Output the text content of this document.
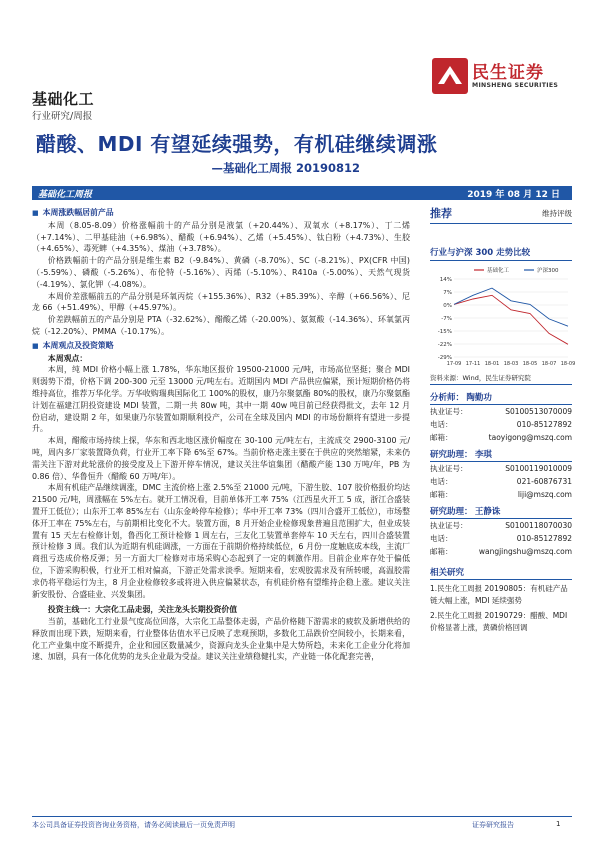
民生证券
MINSHENG SECURITIES
基础化工
行业研究/周报
醋酸、MDI 有望延续强势，有机硅继续调涨
—基础化工周报 20190812
基础化工周报	2019 年 08 月 12 日
■ 本周涨跌幅居前产品
本周（8.05-8.09）价格涨幅前十的产品分别是液氯（+20.44%）、双氧水（+8.17%）、丁二烯（+7.14%）、二甲基硅油（+6.98%）、醋酸（+6.94%）、乙烯（+5.45%）、钛白粉（+4.73%）、生胶（+4.65%）、毒死蜱（+4.35%）、煤油（+3.78%）。
价格跌幅前十的产品分别是维生素 B2（-9.84%）、黄磷（-8.70%）、SC（-8.21%）、PX(CFR 中国)（-5.59%）、磷酸（-5.26%）、布伦特（-5.16%）、丙烯（-5.10%）、R410a（-5.00%）、天然气现货（-4.19%）、氯化钾（-4.08%）。
本周价差涨幅前五的产品分别是环氧丙烷（+155.36%）、R32（+85.39%）、辛醇（+66.56%）、尼龙 66（+51.49%）、甲醇（+45.97%）。
价差跌幅前五的产品分别是 PTA（-32.62%）、醋酸乙烯（-20.00%）、氨氮酸（-14.36%）、环氧氯丙烷（-12.20%）、PMMA（-10.17%）。
■ 本周观点及投资策略
本周观点：
本周，纯 MDI 价格小幅上涨 1.78%，华东地区报价 19500-21000 元/吨，市场高位坚挺；聚合 MDI 则弱势下滑，价格下调 200-300 元至 13000 元/吨左右。近期国内 MDI 产品供应偏紧，预计短期价格仍将维持高位，推荐万华化学。万华收购瑞典国际化工 100%的股权，康乃尔聚氨酯 80%的股权，康乃尔聚氨酯计划在福建江阴投资建设 MDI 装置，二期一共 80w 吨，其中一期 40w 吨目前已经获得批文，去年 12 月份启动，建设期 2 年，如果康乃尔装置如期顺利投产，公司在全球及国内 MDI 的市场份额将有望进一步提升。
本周，醋酸市场持续上探，华东和西北地区涨价幅度在 30-100 元/吨左右，主流成交 2900-3100 元/吨，周内多厂家装置降负荷，行业开工率下降 6%至 67%。当前价格走涨主要在于供应的突然缩紧，未来仍需关注下游对此轮涨价的接受度及上下游开停车情况，建议关注华谊集团（醋酸产能 130 万吨/年，PB 为 0.86 倍）、华鲁恒升（醋酸 60 万吨/年）。
本周有机硅产品继续调涨，DMC 主流价格上涨 2.5%至 21000 元/吨，下游生胶、107 胶价格报价均达 21500 元/吨，周涨幅在 5%左右。就开工情况看，目前单体开工率 75%（江西星火开工 5 成，浙江合盛装置开工低位）；山东开工率 85%左右（山东金岭停车检修）；华中开工率 73%（四川合盛开工低位），市场整体开工率在 75%左右，与前期相比变化不大。装置方面，8 月开始企业检修现象普遍且范围扩大，但业成装置有 15 天左右检修计划，鲁西化工预计检修 1 周左右，三友化工装置单套停车 10 天左右，四川合盛装置预计检修 3 周。我们认为近期有机硅调涨，一方面在于前期价格持续低位，6 月份一度触底成本线，主流厂商扭亏迭成价格反弹；另一方面大厂检修对市场采购心态起到了一定的刺激作用。目前企业库存处于偏低位，下游采购积极，行业开工相对偏高，下游正处需求淡季。短期来看，宏观胶需求及有所转暖，高温胶需求仍将平稳运行为主，8 月企业检修较多或将进入供应偏紧状态，有机硅价格有望维持企稳上涨。建议关注新安股份、合盛硅业、兴发集团。
投资主线一：大宗化工品走弱，关注龙头长期投资价值
当前，基础化工行业景气度高位回落，大宗化工品整体走弱，产品价格随下游需求的疲软及新增供给的释放而出现下跌，短期来看，行业整体估值水平已反映了悲观预期，多数化工品跌价空间较小，长期来看，化工产业集中度不断提升，企业和园区数量减少，资源向龙头企业集中是大势所趋，未来化工企业分化将加速、加剧，具有一体化优势的龙头企业最为受益。建议关注业绩稳健扎实，产业链一体化配套完善，
推荐	维持评级
行业与沪深 300 走势比较
14%
7%
0%
-7%
-15%
-22%
-29%
17-09 17-11 18-01 18-03 18-05 18-07 18-09
基础化工	沪深300
资料来源：Wind，民生证券研究院
分析师： 陶勤功
执业证号：	S0100513070009
电话：	010-85127892
邮箱：	taoyigong@mszq.com
研究助理： 李琪
执业证号：	S0100119010009
电话：	021-60876731
邮箱：	liji@mszq.com
研究助理： 王静诛
执业证号：	S0100118070030
电话：	010-85127892
邮箱：	wangjingshu@mszq.com
相关研究
1.民生化工周报 20190805：有机硅产品链大幅上涨，MDI 延续强势
2.民生化工周报 20190729：醋酸、MDI 价格显著上涨，黄磷价格回调
本公司具备证券投资咨询业务资格，请务必阅读最后一页免责声明	证券研究报告	1
